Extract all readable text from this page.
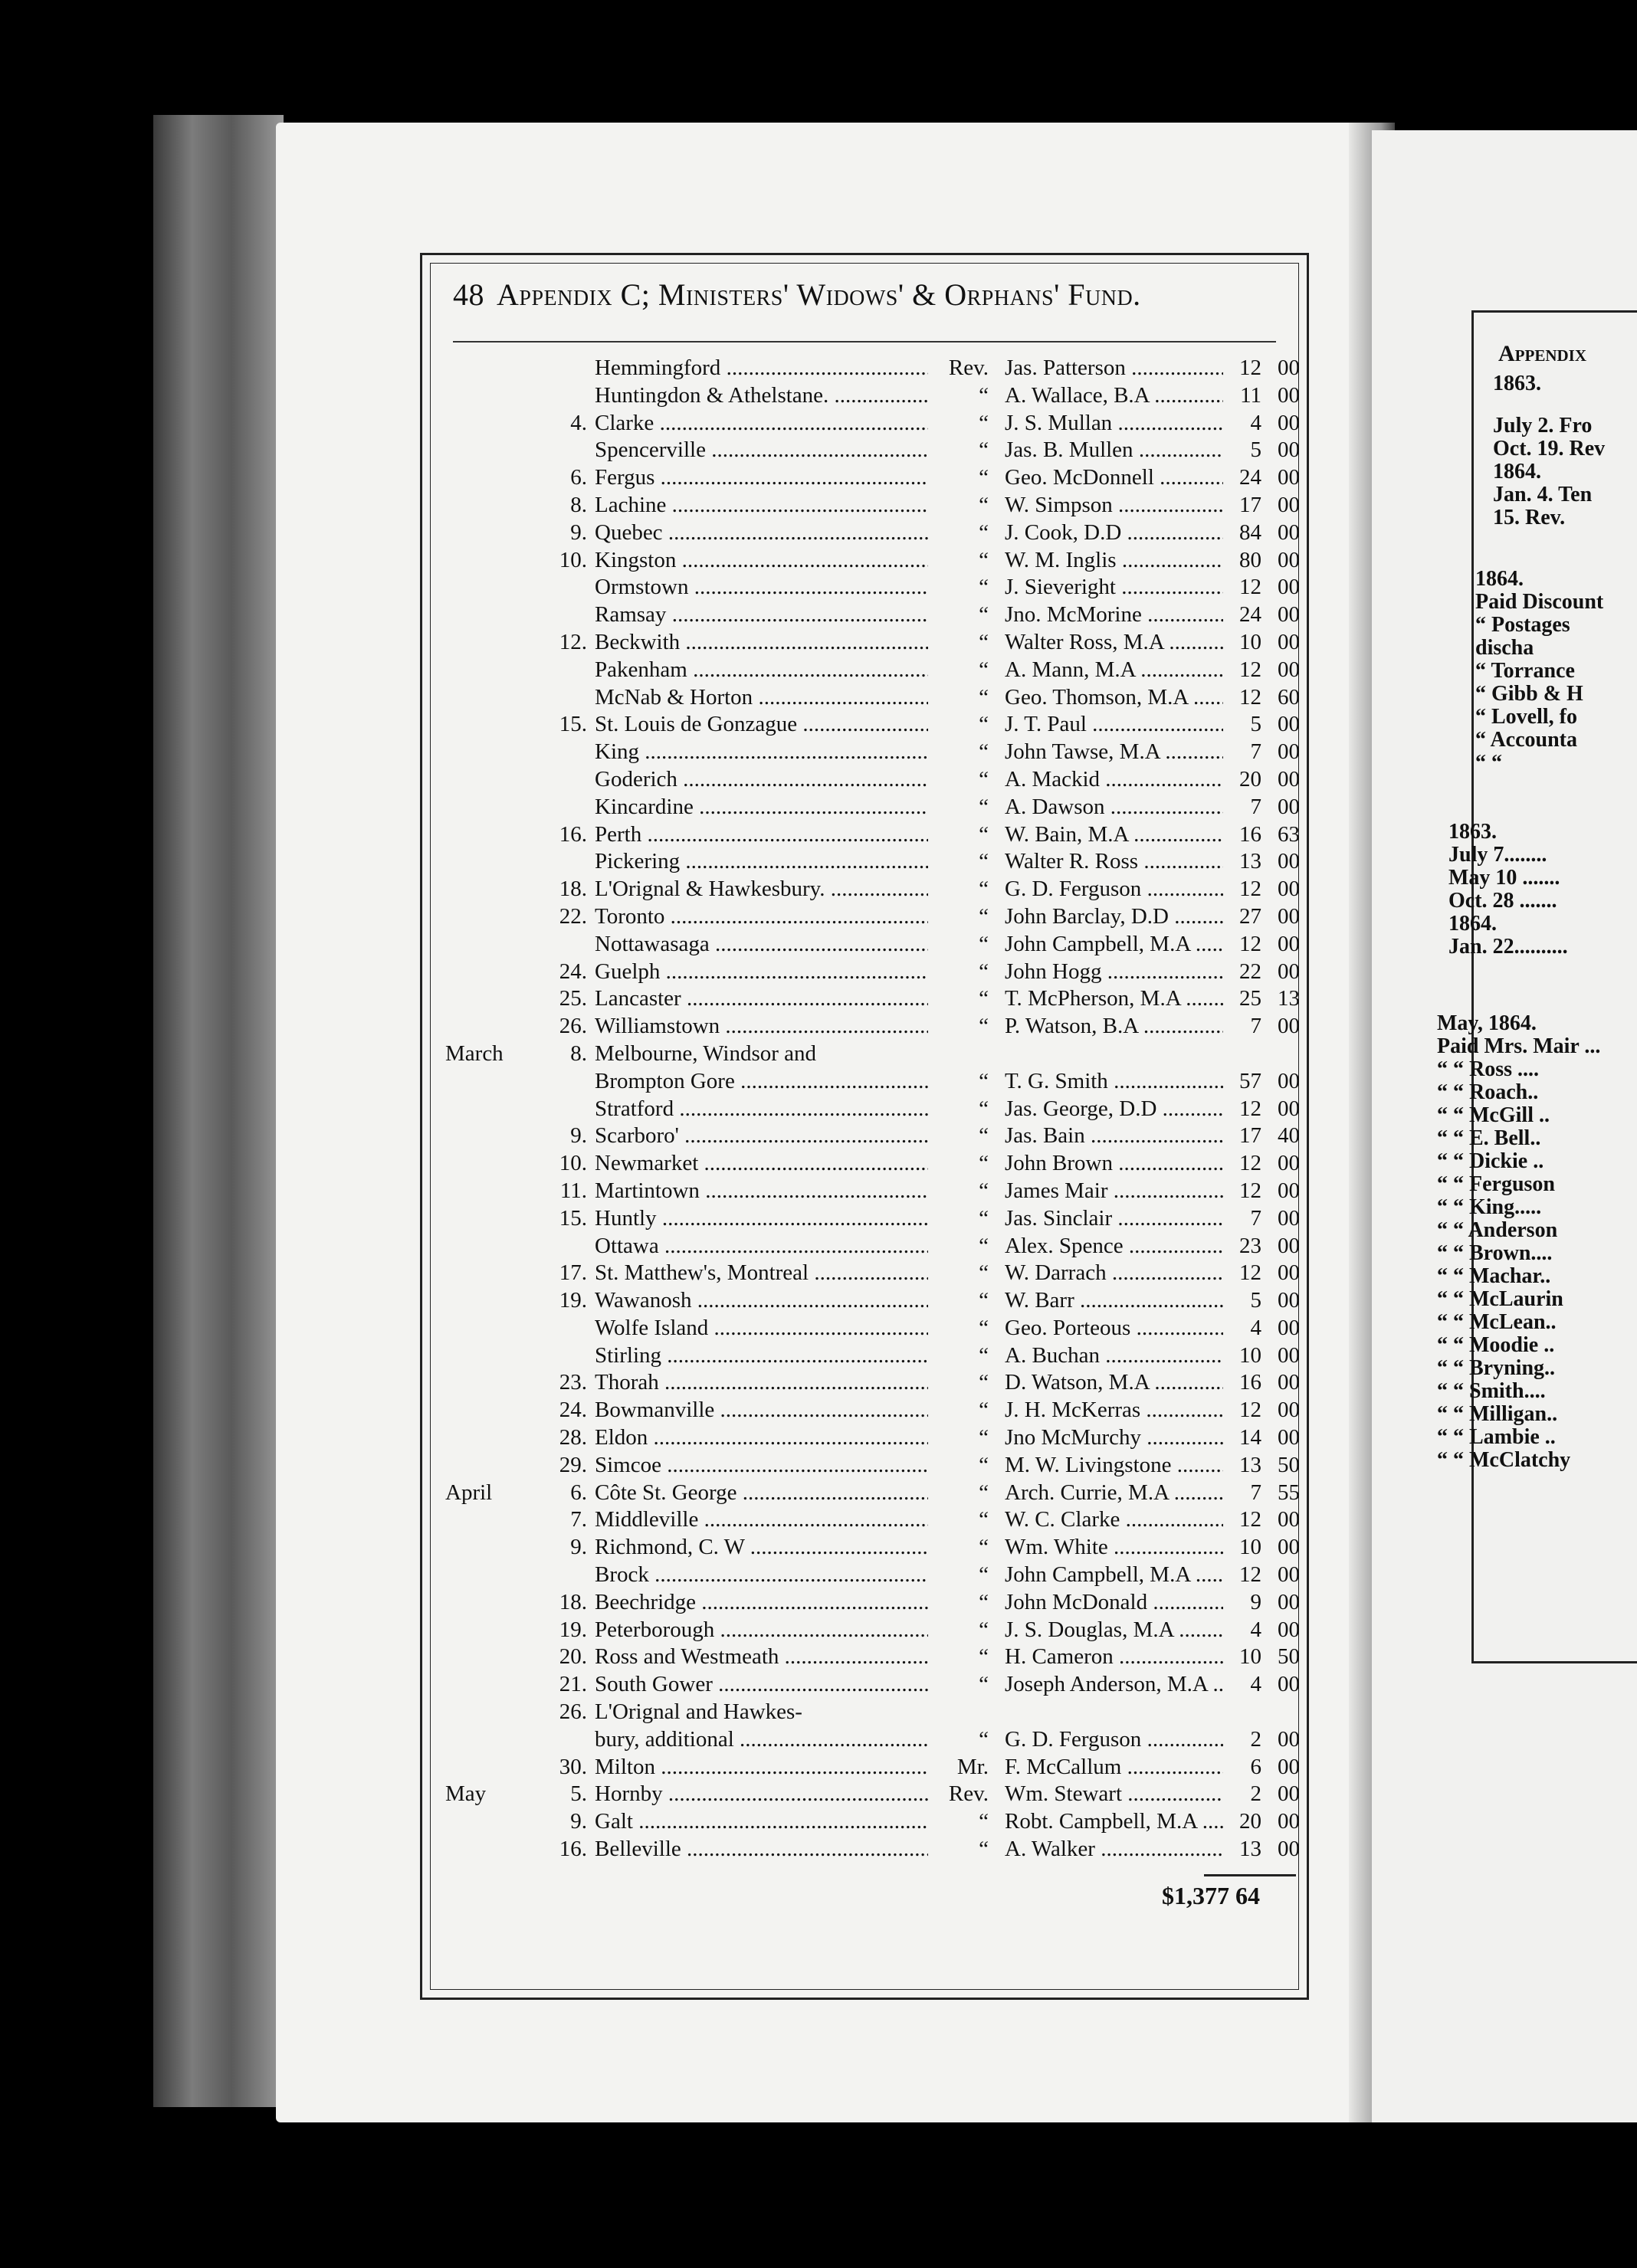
48 Appendix C; Ministers' Widows' & Orphans' Fund.
Hemmingford .....	Rev. Jas. Patterson .....	12 00
Huntingdon & Athelstane. .....	“ A. Wallace, B.A .....	11 00
4. Clarke .....	“ J. S. Mullan .....	4 00
Spencerville .....	“ Jas. B. Mullen .....	5 00
6. Fergus .....	“ Geo. McDonnell .....	24 00
8. Lachine .....	“ W. Simpson .....	17 00
9. Quebec .....	“ J. Cook, D.D .....	84 00
10. Kingston .....	“ W. M. Inglis .....	80 00
Ormstown .....	“ J. Sieveright .....	12 00
Ramsay .....	“ Jno. McMorine .....	24 00
12. Beckwith .....	“ Walter Ross, M.A .....	10 00
Pakenham .....	“ A. Mann, M.A .....	12 00
McNab & Horton .....	“ Geo. Thomson, M.A .....	12 60
15. St. Louis de Gonzague .....	“ J. T. Paul .....	5 00
King .....	“ John Tawse, M.A .....	7 00
Goderich .....	“ A. Mackid .....	20 00
Kincardine .....	“ A. Dawson .....	7 00
16. Perth .....	“ W. Bain, M.A .....	16 63
Pickering .....	“ Walter R. Ross .....	13 00
18. L'Orignal & Hawkesbury. .....	“ G. D. Ferguson .....	12 00
22. Toronto .....	“ John Barclay, D.D .....	27 00
Nottawasaga .....	“ John Campbell, M.A .....	12 00
24. Guelph .....	“ John Hogg .....	22 00
25. Lancaster .....	“ T. McPherson, M.A .....	25 13
26. Williamstown .....	“ P. Watson, B.A .....	7 00
March	8. Melbourne, Windsor and
Brompton Gore .....	“ T. G. Smith .....	57 00
Stratford .....	“ Jas. George, D.D .....	12 00
9. Scarboro' .....	“ Jas. Bain .....	17 40
10. Newmarket .....	“ John Brown .....	12 00
11. Martintown .....	“ James Mair .....	12 00
15. Huntly .....	“ Jas. Sinclair .....	7 00
Ottawa .....	“ Alex. Spence .....	23 00
17. St. Matthew's, Montreal .....	“ W. Darrach .....	12 00
19. Wawanosh .....	“ W. Barr .....	5 00
Wolfe Island .....	“ Geo. Porteous .....	4 00
Stirling .....	“ A. Buchan .....	10 00
23. Thorah .....	“ D. Watson, M.A .....	16 00
24. Bowmanville .....	“ J. H. McKerras .....	12 00
28. Eldon .....	“ Jno McMurchy .....	14 00
29. Simcoe .....	“ M. W. Livingstone .....	13 50
April	6. Côte St. George .....	“ Arch. Currie, M.A .....	7 55
7. Middleville .....	“ W. C. Clarke .....	12 00
9. Richmond, C. W .....	“ Wm. White .....	10 00
Brock .....	“ John Campbell, M.A .....	12 00
18. Beechridge .....	“ John McDonald .....	9 00
19. Peterborough .....	“ J. S. Douglas, M.A .....	4 00
20. Ross and Westmeath .....	“ H. Cameron .....	10 50
21. South Gower .....	“ Joseph Anderson, M.A .....	4 00
26. L'Orignal and Hawkes-
bury, additional .....	“ G. D. Ferguson .....	2 00
30. Milton .....	Mr. F. McCallum .....	6 00
May	5. Hornby .....	Rev. Wm. Stewart .....	2 00
9. Galt .....	“ Robt. Campbell, M.A .....	20 00
16. Belleville .....	“ A. Walker .....	13 00
$1,377 64
1863.
July 2. Fro
Oct. 19. Rev
1864.
Jan. 4. Ten
15. Rev.
1864.
Paid Discount
“ Postages
discha
“ Torrance
“ Gibb & H
“ Lovell, fo
“ Accounta
“ “
1863.
July 7........
May 10 .......
Oct. 28 .......
1864.
Jan. 22..........
May, 1864.
Paid Mrs. Mair ...
“ “ Ross ....
“ “ Roach..
“ “ McGill ..
“ “ E. Bell..
“ “ Dickie ..
“ “ Ferguson
“ “ King.....
“ “ Anderson
“ “ Brown....
“ “ Machar..
“ “ McLaurin
“ “ McLean..
“ “ Moodie ..
“ “ Bryning..
“ “ Smith....
“ “ Milligan..
“ “ Lambie ..
“ “ McClatchy
Appendix
